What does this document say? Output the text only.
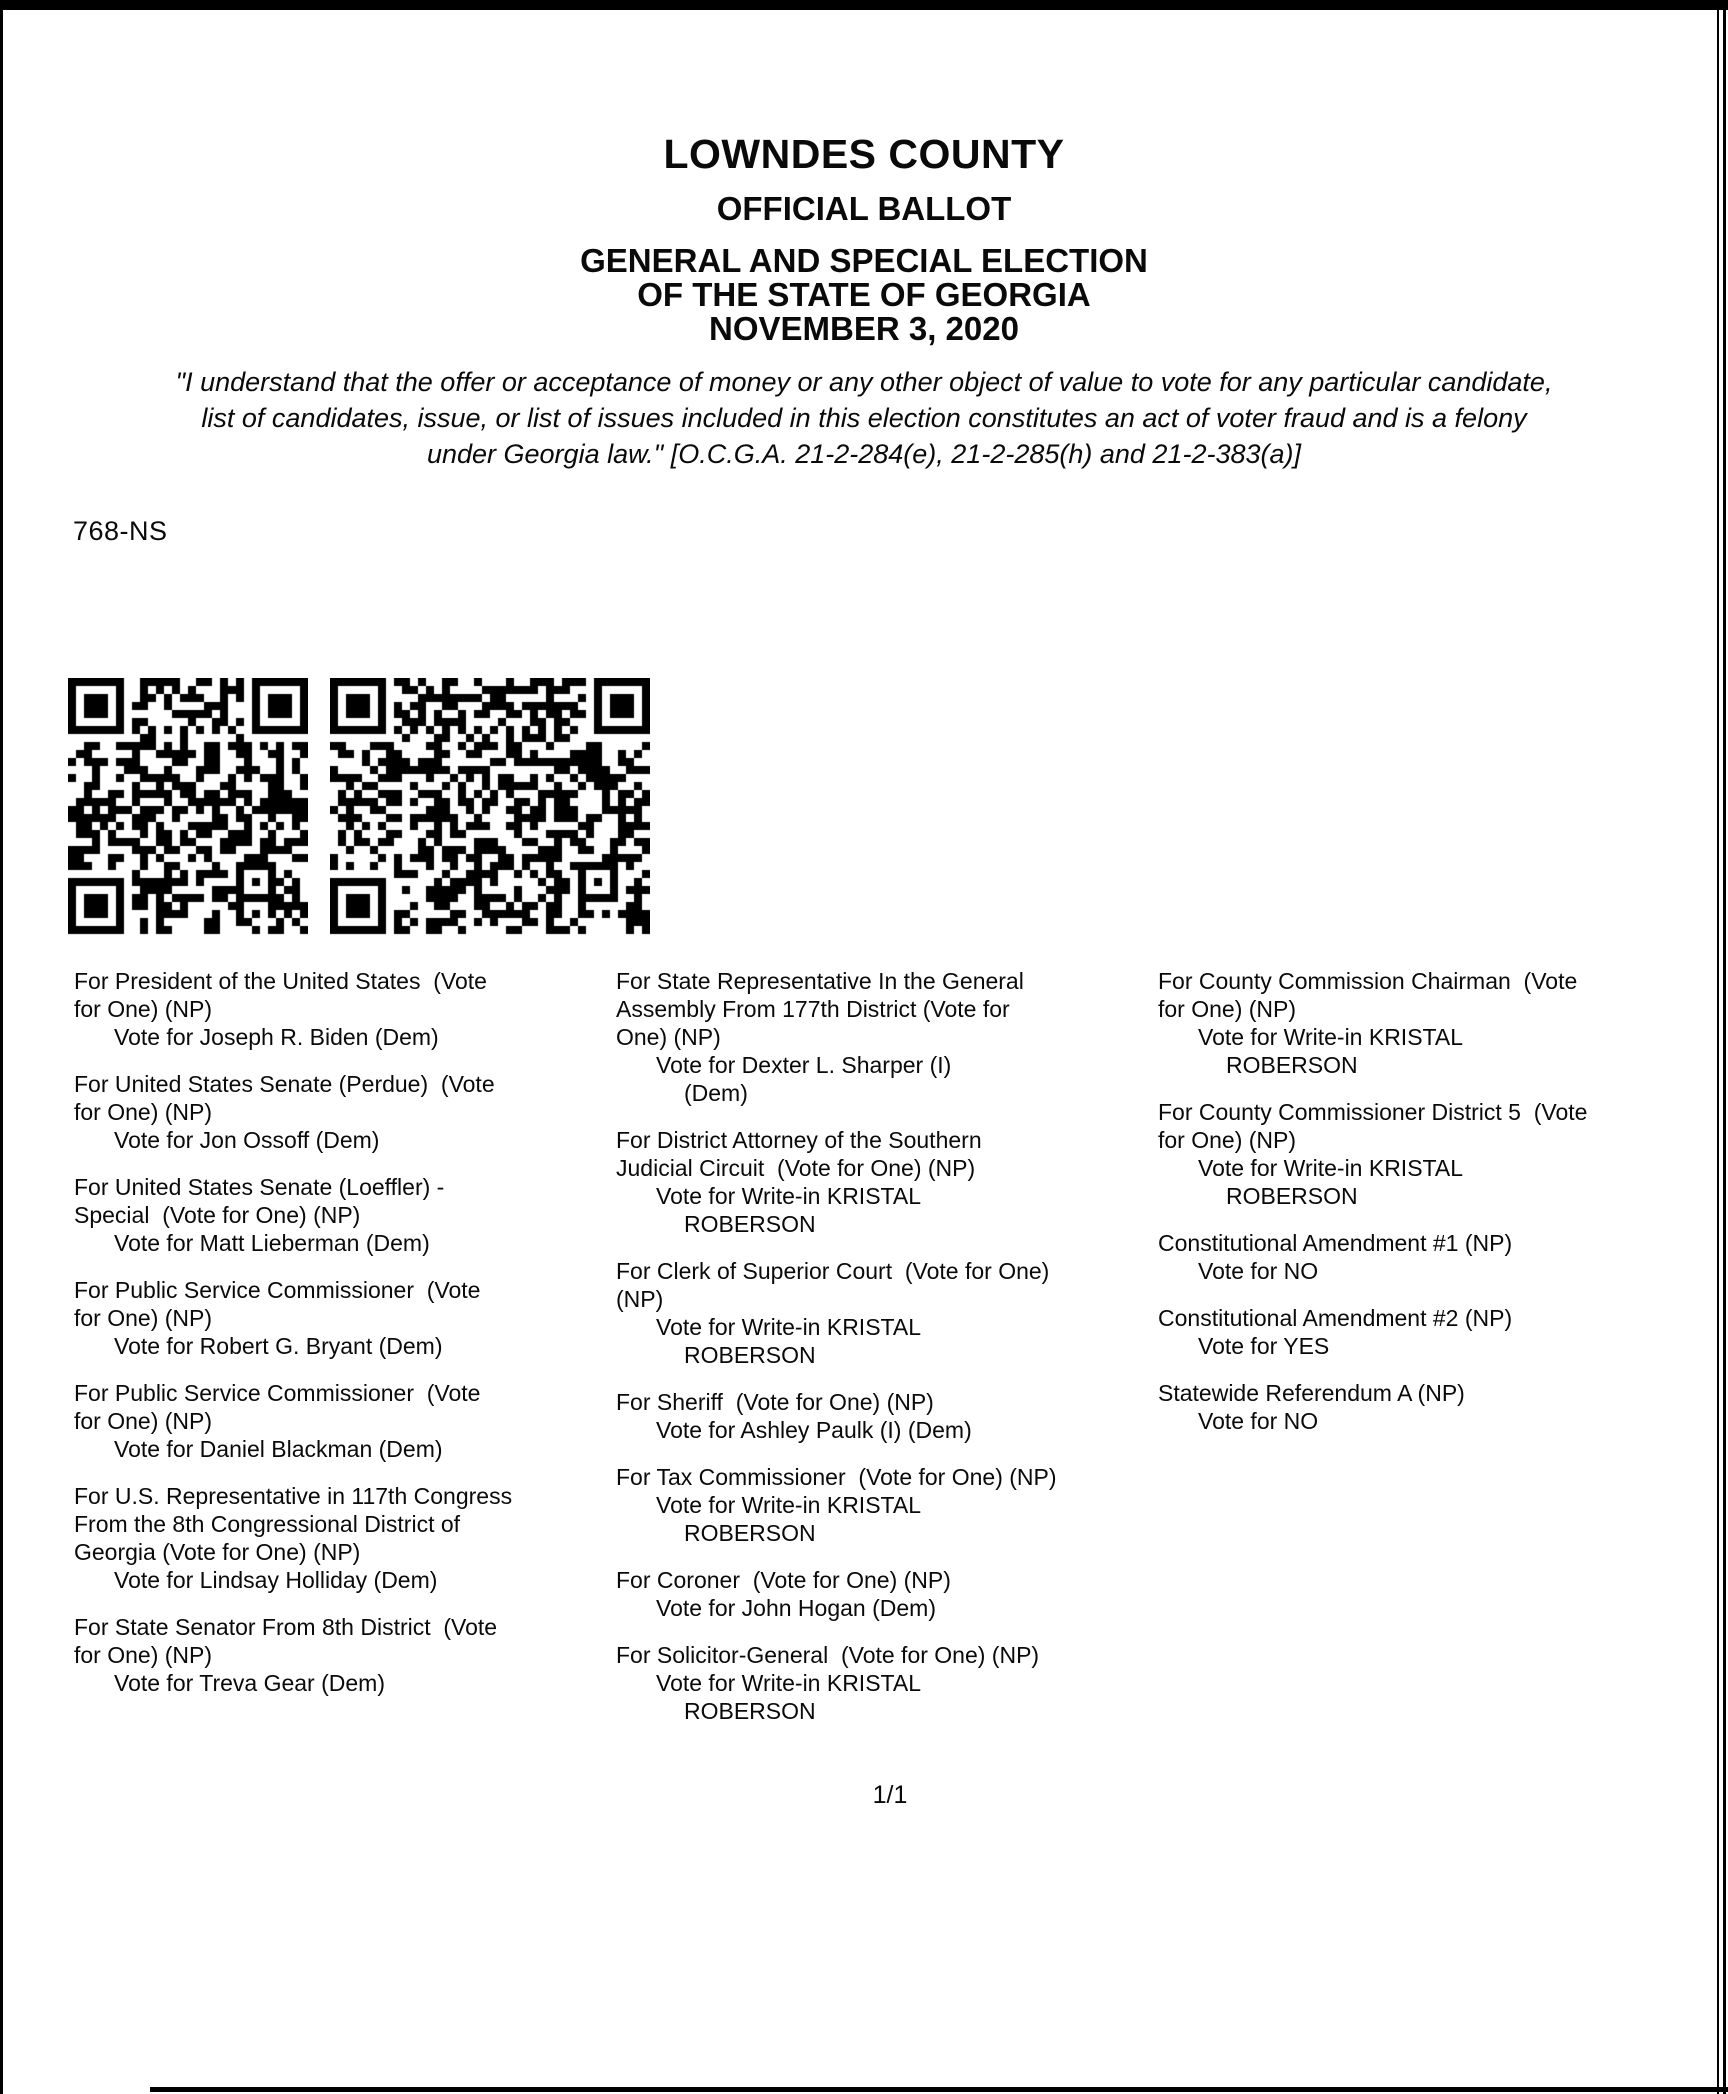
LOWNDES COUNTY
OFFICIAL BALLOT
GENERAL AND SPECIAL ELECTION
OF THE STATE OF GEORGIA
NOVEMBER 3, 2020
"I understand that the offer or acceptance of money or any other object of value to vote for any particular candidate,
list of candidates, issue, or list of issues included in this election constitutes an act of voter fraud and is a felony
under Georgia law." [O.C.G.A. 21-2-284(e), 21-2-285(h) and 21-2-383(a)]
768-NS
For President of the United States  (Vote
for One) (NP)
Vote for Joseph R. Biden (Dem)
For United States Senate (Perdue)  (Vote
for One) (NP)
Vote for Jon Ossoff (Dem)
For United States Senate (Loeffler) -
Special  (Vote for One) (NP)
Vote for Matt Lieberman (Dem)
For Public Service Commissioner  (Vote
for One) (NP)
Vote for Robert G. Bryant (Dem)
For Public Service Commissioner  (Vote
for One) (NP)
Vote for Daniel Blackman (Dem)
For U.S. Representative in 117th Congress
From the 8th Congressional District of
Georgia (Vote for One) (NP)
Vote for Lindsay Holliday (Dem)
For State Senator From 8th District  (Vote
for One) (NP)
Vote for Treva Gear (Dem)
For State Representative In the General
Assembly From 177th District (Vote for
One) (NP)
Vote for Dexter L. Sharper (I)
(Dem)
For District Attorney of the Southern
Judicial Circuit  (Vote for One) (NP)
Vote for Write-in KRISTAL
ROBERSON
For Clerk of Superior Court  (Vote for One)
(NP)
Vote for Write-in KRISTAL
ROBERSON
For Sheriff  (Vote for One) (NP)
Vote for Ashley Paulk (I) (Dem)
For Tax Commissioner  (Vote for One) (NP)
Vote for Write-in KRISTAL
ROBERSON
For Coroner  (Vote for One) (NP)
Vote for John Hogan (Dem)
For Solicitor-General  (Vote for One) (NP)
Vote for Write-in KRISTAL
ROBERSON
For County Commission Chairman  (Vote
for One) (NP)
Vote for Write-in KRISTAL
ROBERSON
For County Commissioner District 5  (Vote
for One) (NP)
Vote for Write-in KRISTAL
ROBERSON
Constitutional Amendment #1 (NP)
Vote for NO
Constitutional Amendment #2 (NP)
Vote for YES
Statewide Referendum A (NP)
Vote for NO
1/1
